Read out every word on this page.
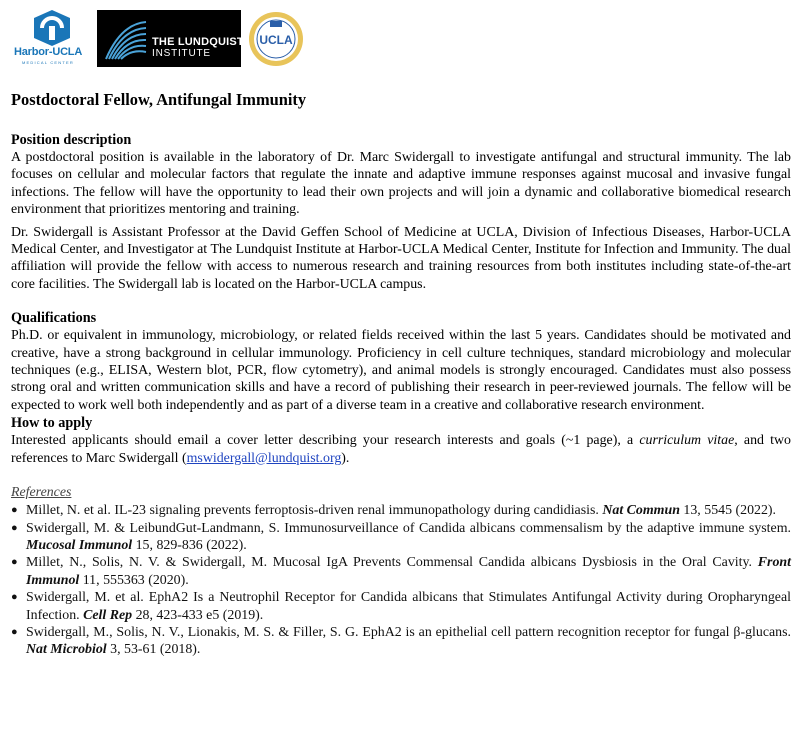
Harbor-UCLA
MEDICAL CENTER
THE LUNDQUIST
INSTITUTE
UCLA
Postdoctoral Fellow, Antifungal Immunity
Position description

A postdoctoral position is available in the laboratory of Dr. Marc Swidergall to investigate antifungal and structural immunity. The lab focuses on cellular and molecular factors that regulate the innate and adaptive immune responses against mucosal and invasive fungal infections. The fellow will have the opportunity to lead their own projects and will join a dynamic and collaborative biomedical research environment that prioritizes mentoring and training.

Dr. Swidergall is Assistant Professor at the David Geffen School of Medicine at UCLA, Division of Infectious Diseases, Harbor-UCLA Medical Center, and Investigator at The Lundquist Institute at Harbor-UCLA Medical Center, Institute for Infection and Immunity. The dual affiliation will provide the fellow with access to numerous research and training resources from both institutes including state-of-the-art core facilities. The Swidergall lab is located on the Harbor-UCLA campus.

Qualifications

Ph.D. or equivalent in immunology, microbiology, or related fields received within the last 5 years. Candidates should be motivated and creative, have a strong background in cellular immunology. Proficiency in cell culture techniques, standard microbiology and molecular techniques (e.g., ELISA, Western blot, PCR, flow cytometry), and animal models is strongly encouraged. Candidates must also possess strong oral and written communication skills and have a record of publishing their research in peer-reviewed journals. The fellow will be expected to work well both independently and as part of a diverse team in a creative and collaborative research environment.

How to apply

Interested applicants should email a cover letter describing your research interests and goals (~1 page), a curriculum vitae, and two references to Marc Swidergall (mswidergall@lundquist.org).

References
● Millet, N. et al. IL-23 signaling prevents ferroptosis-driven renal immunopathology during candidiasis. Nat Commun 13, 5545 (2022).
● Swidergall, M. & LeibundGut-Landmann, S. Immunosurveillance of Candida albicans commensalism by the adaptive immune system. Mucosal Immunol 15, 829-836 (2022).
● Millet, N., Solis, N. V. & Swidergall, M. Mucosal IgA Prevents Commensal Candida albicans Dysbiosis in the Oral Cavity. Front Immunol 11, 555363 (2020).
● Swidergall, M. et al. EphA2 Is a Neutrophil Receptor for Candida albicans that Stimulates Antifungal Activity during Oropharyngeal Infection. Cell Rep 28, 423-433 e5 (2019).
● Swidergall, M., Solis, N. V., Lionakis, M. S. & Filler, S. G. EphA2 is an epithelial cell pattern recognition receptor for fungal β-glucans. Nat Microbiol 3, 53-61 (2018).
